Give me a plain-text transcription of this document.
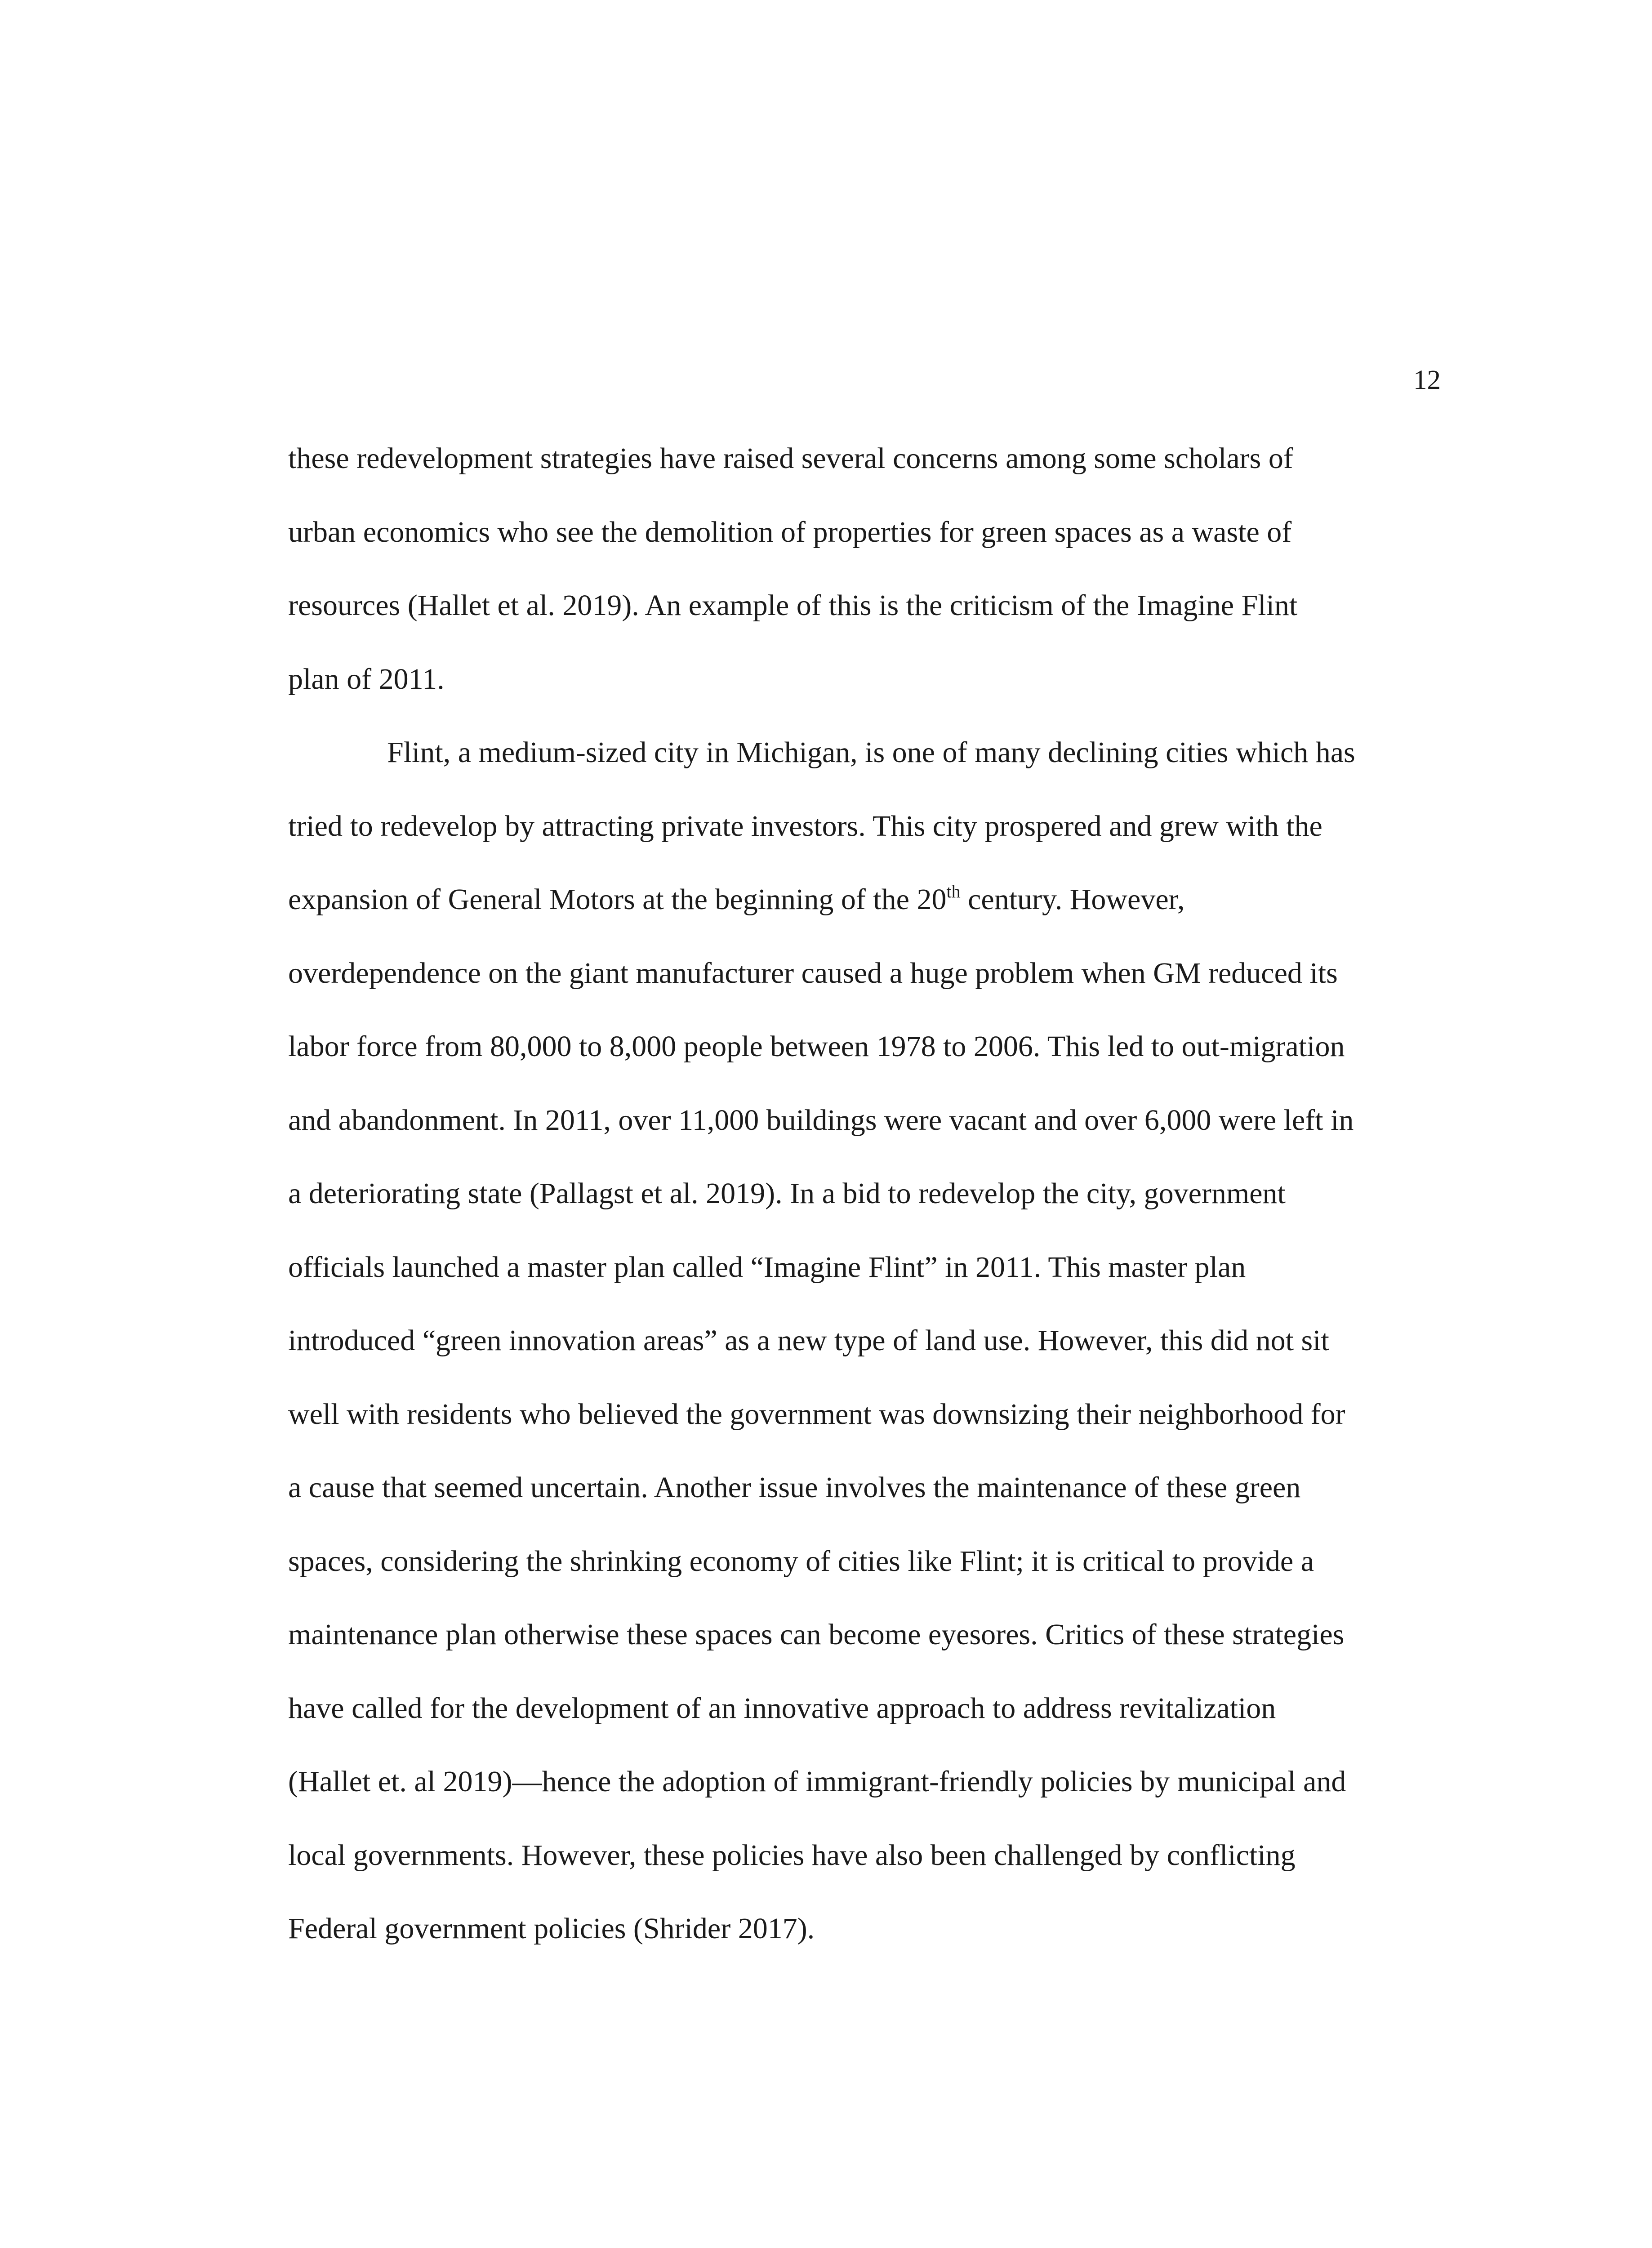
12
these redevelopment strategies have raised several concerns among some scholars of
urban economics who see the demolition of properties for green spaces as a waste of
resources (Hallet et al. 2019). An example of this is the criticism of the Imagine Flint
plan of 2011.
Flint, a medium-sized city in Michigan, is one of many declining cities which has
tried to redevelop by attracting private investors. This city prospered and grew with the
expansion of General Motors at the beginning of the 20th century. However,
overdependence on the giant manufacturer caused a huge problem when GM reduced its
labor force from 80,000 to 8,000 people between 1978 to 2006. This led to out-migration
and abandonment. In 2011, over 11,000 buildings were vacant and over 6,000 were left in
a deteriorating state (Pallagst et al. 2019). In a bid to redevelop the city, government
officials launched a master plan called “Imagine Flint” in 2011. This master plan
introduced “green innovation areas” as a new type of land use. However, this did not sit
well with residents who believed the government was downsizing their neighborhood for
a cause that seemed uncertain. Another issue involves the maintenance of these green
spaces, considering the shrinking economy of cities like Flint; it is critical to provide a
maintenance plan otherwise these spaces can become eyesores. Critics of these strategies
have called for the development of an innovative approach to address revitalization
(Hallet et. al 2019)—hence the adoption of immigrant-friendly policies by municipal and
local governments. However, these policies have also been challenged by conflicting
Federal government policies (Shrider 2017).
